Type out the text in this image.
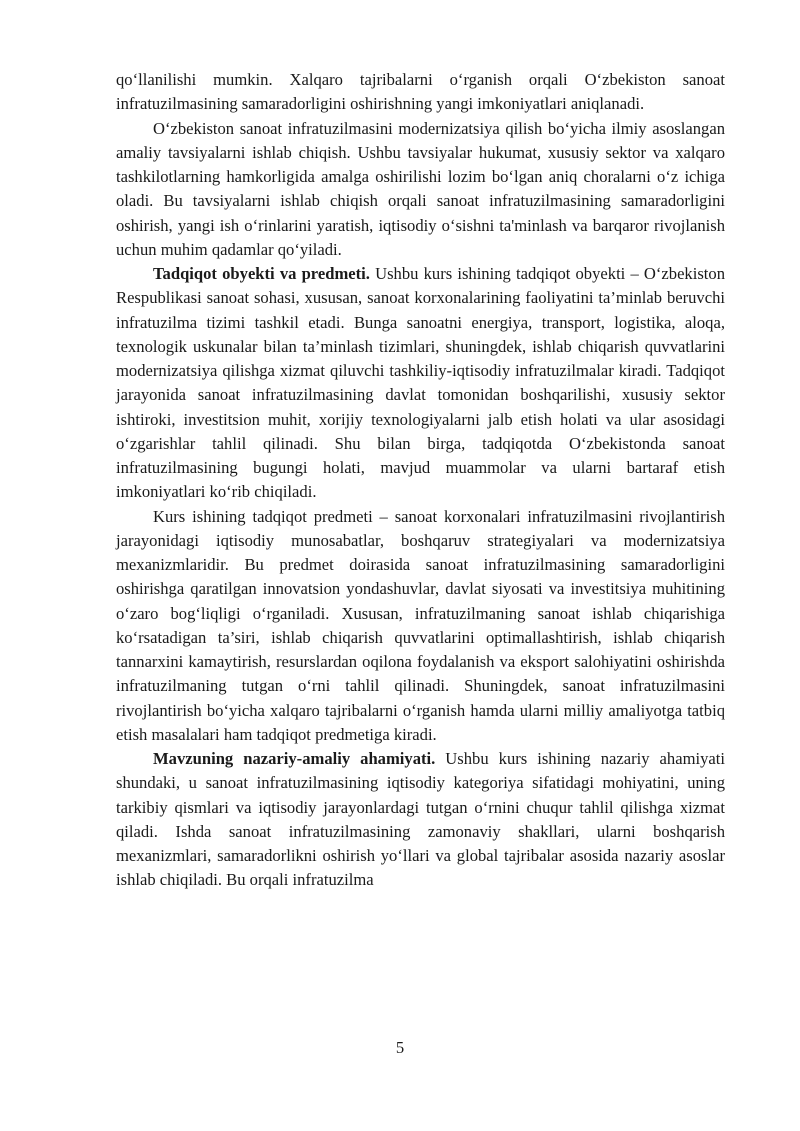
qo‘llanilishi mumkin. Xalqaro tajribalarni o‘rganish orqali O‘zbekiston sanoat infratuzilmasining samaradorligini oshirishning yangi imkoniyatlari aniqlanadi.

O‘zbekiston sanoat infratuzilmasini modernizatsiya qilish bo‘yicha ilmiy asoslangan amaliy tavsiyalarni ishlab chiqish. Ushbu tavsiyalar hukumat, xususiy sektor va xalqaro tashkilotlarning hamkorligida amalga oshirilishi lozim bo‘lgan aniq choralarni o‘z ichiga oladi. Bu tavsiyalarni ishlab chiqish orqali sanoat infratuzilmasining samaradorligini oshirish, yangi ish o‘rinlarini yaratish, iqtisodiy o‘sishni ta'minlash va barqaror rivojlanish uchun muhim qadamlar qo‘yiladi.

Tadqiqot obyekti va predmeti. Ushbu kurs ishining tadqiqot obyekti – O‘zbekiston Respublikasi sanoat sohasi, xususan, sanoat korxonalarining faoliyatini ta’minlab beruvchi infratuzilma tizimi tashkil etadi. Bunga sanoatni energiya, transport, logistika, aloqa, texnologik uskunalar bilan ta’minlash tizimlari, shuningdek, ishlab chiqarish quvvatlarini modernizatsiya qilishga xizmat qiluvchi tashkiliy-iqtisodiy infratuzilmalar kiradi. Tadqiqot jarayonida sanoat infratuzilmasining davlat tomonidan boshqarilishi, xususiy sektor ishtiroki, investitsion muhit, xorijiy texnologiyalarni jalb etish holati va ular asosidagi o‘zgarishlar tahlil qilinadi. Shu bilan birga, tadqiqotda O‘zbekistonda sanoat infratuzilmasining bugungi holati, mavjud muammolar va ularni bartaraf etish imkoniyatlari ko‘rib chiqiladi.

Kurs ishining tadqiqot predmeti – sanoat korxonalari infratuzilmasini rivojlantirish jarayonidagi iqtisodiy munosabatlar, boshqaruv strategiyalari va modernizatsiya mexanizmlaridir. Bu predmet doirasida sanoat infratuzilmasining samaradorligini oshirishga qaratilgan innovatsion yondashuvlar, davlat siyosati va investitsiya muhitining o‘zaro bog‘liqligi o‘rganiladi. Xususan, infratuzilmaning sanoat ishlab chiqarishiga ko‘rsatadigan ta’siri, ishlab chiqarish quvvatlarini optimallashtirish, ishlab chiqarish tannarxini kamaytirish, resurslardan oqilona foydalanish va eksport salohiyatini oshirishda infratuzilmaning tutgan o‘rni tahlil qilinadi. Shuningdek, sanoat infratuzilmasini rivojlantirish bo‘yicha xalqaro tajribalarni o‘rganish hamda ularni milliy amaliyotga tatbiq etish masalalari ham tadqiqot predmetiga kiradi.

Mavzuning nazariy-amaliy ahamiyati. Ushbu kurs ishining nazariy ahamiyati shundaki, u sanoat infratuzilmasining iqtisodiy kategoriya sifatidagi mohiyatini, uning tarkibiy qismlari va iqtisodiy jarayonlardagi tutgan o‘rnini chuqur tahlil qilishga xizmat qiladi. Ishda sanoat infratuzilmasining zamonaviy shakllari, ularni boshqarish mexanizmlari, samaradorlikni oshirish yo‘llari va global tajribalar asosida nazariy asoslar ishlab chiqiladi. Bu orqali infratuzilma

5
